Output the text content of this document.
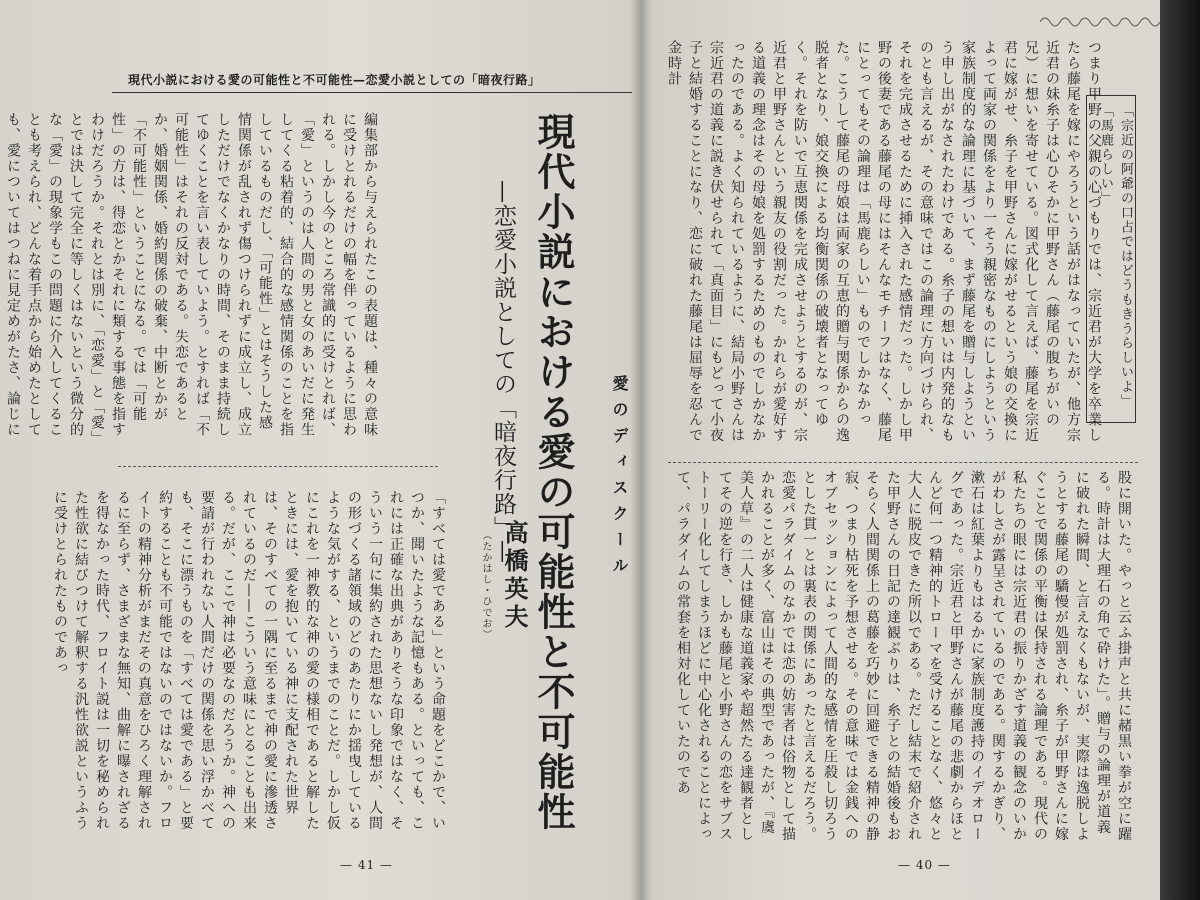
現代小説における愛の可能性と不可能性—恋愛小説としての「暗夜行路」
編集部から与えられたこの表題は、種々の意味に受けとれるだけの幅を伴っているように思われる。しかし今のところ常識的に受けとれば、「愛」というのは人間の男と女のあいだに発生してくる粘着的、結合的な感情関係のことを指しているものだし、「可能性」とはそうした感情関係が乱されず傷つけられずに成立し、成立しただけでなくかなりの時間、そのまま持続してゆくことを言い表していよう。とすれば「不可能性」はそれの反対である。失恋であるとか、婚姻関係、婚約関係の破棄、中断とかが「不可能性」ということになる。では「可能性」の方は、得恋とかそれに類する事態を指すわけだろうか。それとは別に、「恋愛」と「愛」とでは決して完全に等しくはないという微分的な「愛」の現象学もこの問題に介入してくることも考えられ、どんな着手点から始めたとしても、愛についてはつねに見定めがたさ、論じに
「すべては愛である」という命題をどこかで、いつか、聞いたような記憶もある。といっても、これには正確な出典がありそうな印象ではなく、そういう一句に集約された思想ないし発想が、人間の形づくる諸領域のどのあたりにか揺曳しているような気がする、というまでのことだ。しかし仮にこれを一神教的な神の愛の様相であると解したときには、愛を抱いている神に支配された世界は、そのすべての一隅に至るまで神の愛に滲透されているのだ——こういう意味にとることも出来る。だが、ここで神は必要なのだろうか。神への要請が行われない人間だけの関係を思い浮かべても、そこに漂うものを「すべては愛である」と要約することも不可能ではないのではないか。フロイトの精神分析がまだその真意をひろく理解されるに至らず、さまざまな無知、曲解に曝されざるを得なかった時代、フロイト説は一切を秘められた性欲に結びつけて解釈する汎性欲説というふうに受けとられたものであっ	愛のディスクール
現代小説における愛の可能性と不可能性
—恋愛小説としての「暗夜行路」—
高橋英夫
（たかはし・ひでお）
— 41 —
「宗近の阿爺の口占ではどうもきうらしいよ」「馬鹿らしい」
つまり甲野の父親の心づもりでは、宗近君が大学を卒業したら藤尾を嫁にやろうという話がはなっていたが、他方宗近君の妹糸子は心ひそかに甲野さん（藤尾の腹ちがいの兄）に想いを寄せている。図式化して言えば、藤尾を宗近君に嫁がせ、糸子を甲野さんに嫁がせるという娘の交換によって両家の関係をより一そう親密なものにしようという家族制度的な論理に基づいて、まず藤尾を贈与しようという申し出がなされたわけである。糸子の想いは内発的なものとも言えるが、その意味ではこの論理に方向づけられ、それを完成させるために挿入された感情だった。しかし甲野の後妻である藤尾の母にはそんなモチーフはなく、藤尾にとってもその論理は「馬鹿らしい」ものでしかなかった。こうして藤尾の母娘は両家の互恵的贈与関係からの逸脱者となり、娘交換による均衡関係の破壊者となってゆく。それを防いで互恵関係を完成させようとするのが、宗近君と甲野さんという親友の役割だった。かれらが愛好する道義の理念はその母娘を処罰するためのものでしかなかったのである。よく知られているように、結局小野さんは宗近君の道義に説き伏せられて「真面目」にもどって小夜子と結婚することになり、恋に破れた藤尾は屈辱を忍んで金時計
股に開いた。やっと云ふ掛声と共に赭黒い拳が空に躍る。時計は大理石の角で砕けた」。贈与の論理が道義に破れた瞬間、と言えなくもないが、実際は逸脱しようとする藤尾の驕慢が処罰され、糸子が甲野さんに嫁ぐことで関係の平衡は保持される論理である。現代の私たちの眼には宗近君の振りかざす道義の観念のいかがわしさが露呈されているのである。関するかぎり、漱石は紅葉よりもはるかに家族制度護持のイデオローグであった。宗近君と甲野さんが藤尾の悲劇からほとんど何一つ精神的トローマを受けることなく、悠々と大人に脱皮できた所以である。ただし結末で紹介された甲野さんの日記の達観ぶりは、糸子との結婚後もおそらく人間関係上の葛藤を巧妙に回避できる精神の静寂、つまり枯死を予想させる。その意味では金銭へのオブセッションによって人間的な感情を圧殺し切ろうとした貫一とは裏表の関係にあったと言えるだろう。恋愛パラダイムのなかでは恋の妨害者は俗物として描かれることが多く、富山はその典型であったが、『虞美人草』の二人は健康な道義家や超然たる達観者としてその逆を行き、しかも藤尾と小野さんの恋をサブストーリー化してしまうほどに中心化されることによって、パラダイムの常套を相対化していたのであ
— 40 —
